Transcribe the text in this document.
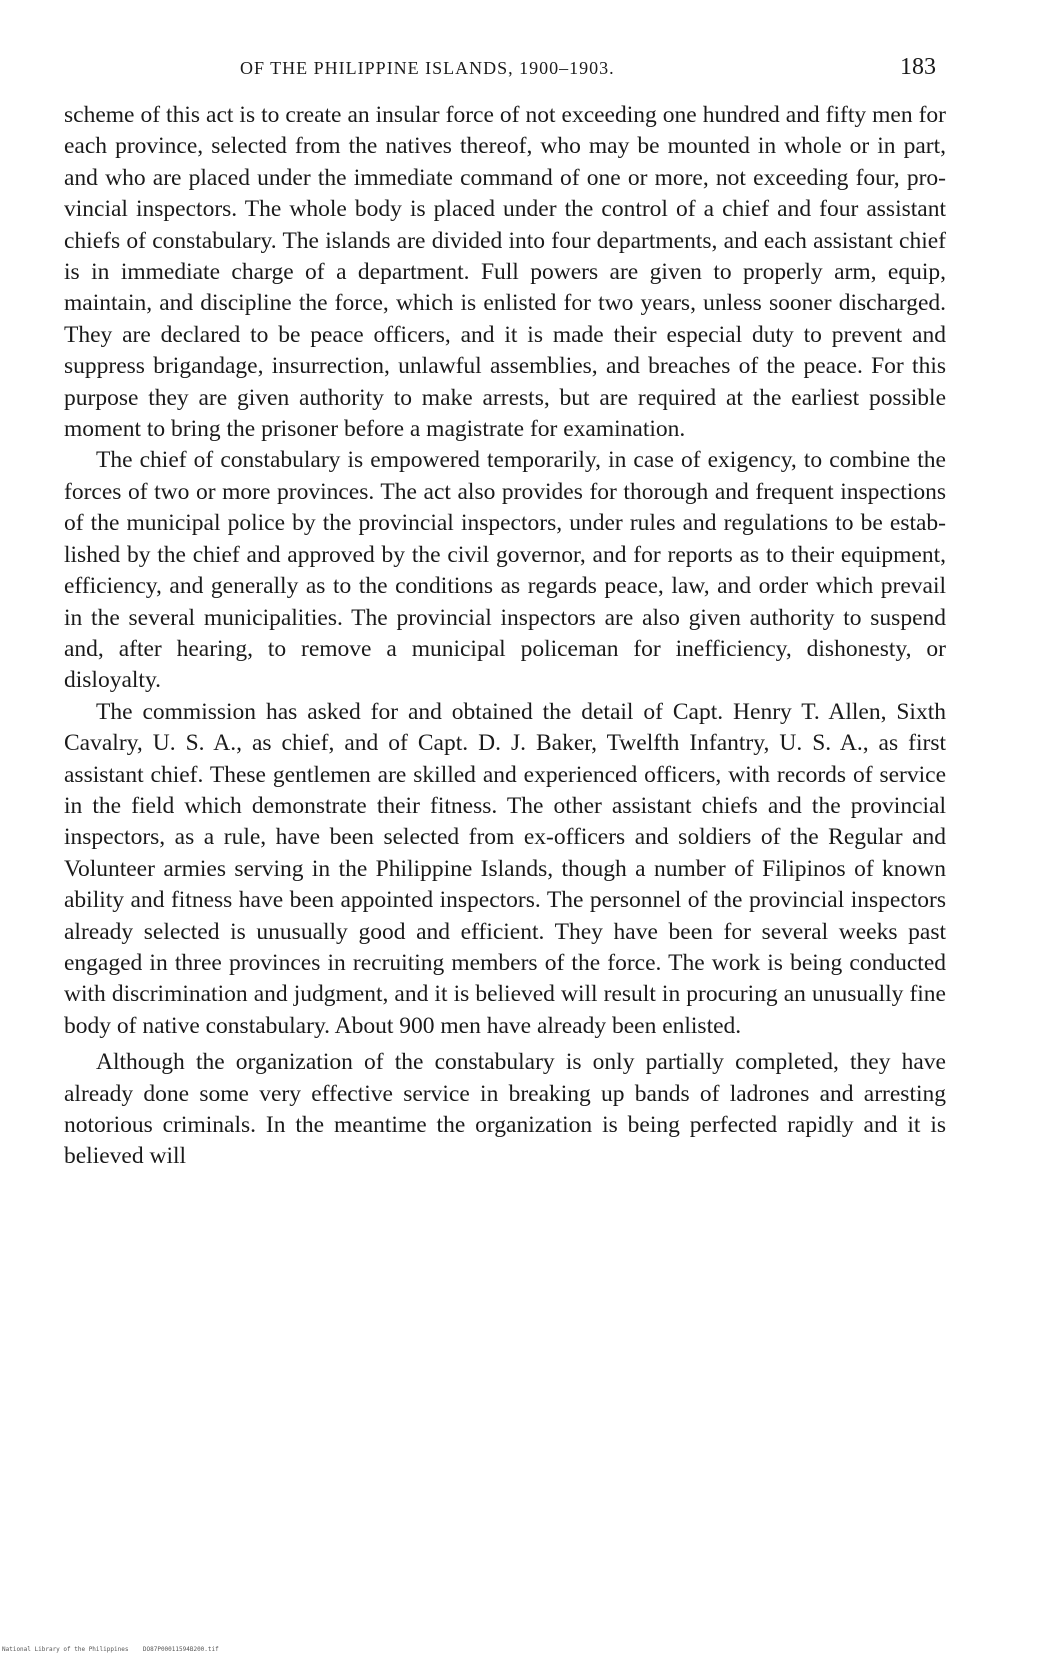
OF THE PHILIPPINE ISLANDS, 1900–1903.	183

scheme of this act is to create an insular force of not exceeding one hundred and fifty men for each province, selected from the natives thereof, who may be mounted in whole or in part, and who are placed under the immediate command of one or more, not exceeding four, provincial inspectors. The whole body is placed under the control of a chief and four assistant chiefs of constabulary. The islands are divided into four departments, and each assistant chief is in immediate charge of a department. Full powers are given to properly arm, equip, maintain, and discipline the force, which is enlisted for two years, unless sooner discharged. They are declared to be peace officers, and it is made their especial duty to prevent and suppress brigandage, insurrection, unlawful assemblies, and breaches of the peace. For this purpose they are given authority to make arrests, but are required at the earliest possible moment to bring the prisoner before a magistrate for examination.

The chief of constabulary is empowered temporarily, in case of exigency, to combine the forces of two or more provinces. The act also provides for thorough and frequent inspections of the municipal police by the provincial inspectors, under rules and regulations to be established by the chief and approved by the civil governor, and for reports as to their equipment, efficiency, and generally as to the conditions as regards peace, law, and order which prevail in the several municipalities. The provincial inspectors are also given authority to suspend and, after hearing, to remove a municipal policeman for inefficiency, dishonesty, or disloyalty.

The commission has asked for and obtained the detail of Capt. Henry T. Allen, Sixth Cavalry, U. S. A., as chief, and of Capt. D. J. Baker, Twelfth Infantry, U. S. A., as first assistant chief. These gentlemen are skilled and experienced officers, with records of service in the field which demonstrate their fitness. The other assistant chiefs and the provincial inspectors, as a rule, have been selected from ex-officers and soldiers of the Regular and Volunteer armies serving in the Philippine Islands, though a number of Filipinos of known ability and fitness have been appointed inspectors. The personnel of the provincial inspectors already selected is unusually good and efficient. They have been for several weeks past engaged in three provinces in recruiting members of the force. The work is being conducted with discrimination and judgment, and it is believed will result in procuring an unusually fine body of native constabulary. About 900 men have already been enlisted.

Although the organization of the constabulary is only partially completed, they have already done some very effective service in breaking up bands of ladrones and arresting notorious criminals. In the meantime the organization is being perfected rapidly and it is believed will

National Library of the Philippines    DO87P00011594B200.tif
